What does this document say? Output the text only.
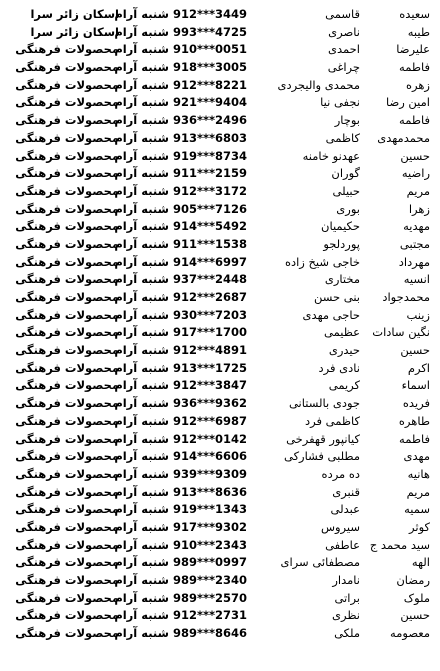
سعیده
قاسمی
شنبه آرام 912***3449
اسکان زائر سرا
طیبه
ناصری
شنبه آرام 993***4725
اسکان زائر سرا
علیرضا
احمدی
شنبه آرام 910***0051
محصولات فرهنگی
فاطمه
چراغی
شنبه آرام 918***3005
محصولات فرهنگی
زهره
محمدی والیجردی
شنبه آرام 912***8221
محصولات فرهنگی
امین رضا
نجفی نیا
شنبه آرام 921***9404
محصولات فرهنگی
فاطمه
بوچار
شنبه آرام 936***2496
محصولات فرهنگی
محمدمهدی
کاظمی
شنبه آرام 913***6803
محصولات فرهنگی
حسین
عهدنو خامنه
شنبه آرام 919***8734
محصولات فرهنگی
راضیه
گوران
شنبه آرام 911***2159
محصولات فرهنگی
مریم
حبیلی
شنبه آرام 912***3172
محصولات فرهنگی
زهرا
بوری
شنبه آرام 905***7126
محصولات فرهنگی
مهدیه
حکیمیان
شنبه آرام 914***5492
محصولات فرهنگی
مجتبی
پوردلجو
شنبه آرام 911***1538
محصولات فرهنگی
مهرداد
خاجی شیخ زاده
شنبه آرام 914***6997
محصولات فرهنگی
انسیه
مختاری
شنبه آرام 937***2448
محصولات فرهنگی
محمدجواد
بنی حسن
شنبه آرام 912***2687
محصولات فرهنگی
زینب
حاجی مهدی
شنبه آرام 930***7203
محصولات فرهنگی
نگین سادات
عظیمی
شنبه آرام 917***1700
محصولات فرهنگی
حسین
حیدری
شنبه آرام 912***4891
محصولات فرهنگی
اکرم
نادی فرد
شنبه آرام 913***1725
محصولات فرهنگی
اسماء
کریمی
شنبه آرام 912***3847
محصولات فرهنگی
فریده
جودی بالستانی
شنبه آرام 936***9362
محصولات فرهنگی
طاهره
کاظمی فرد
شنبه آرام 912***6987
محصولات فرهنگی
فاطمه
کیانپور قهفرخی
شنبه آرام 912***0142
محصولات فرهنگی
مهدی
مطلبی فشارکی
شنبه آرام 914***6606
محصولات فرهنگی
هانیه
ده مرده
شنبه آرام 939***9309
محصولات فرهنگی
مریم
قنبری
شنبه آرام 913***8636
محصولات فرهنگی
سمیه
عبدلی
شنبه آرام 919***1343
محصولات فرهنگی
کوثر
سیروس
شنبه آرام 917***9302
محصولات فرهنگی
سید محمد ج
عاطفی
شنبه آرام 910***2343
محصولات فرهنگی
الهه
مصطفائی سرای
شنبه آرام 989***0997
محصولات فرهنگی
رمضان
نامدار
شنبه آرام 989***2340
محصولات فرهنگی
ملوک
براتی
شنبه آرام 989***2570
محصولات فرهنگی
حسین
نظری
شنبه آرام 912***2731
محصولات فرهنگی
معصومه
ملکی
شنبه آرام 989***8646
محصولات فرهنگی
